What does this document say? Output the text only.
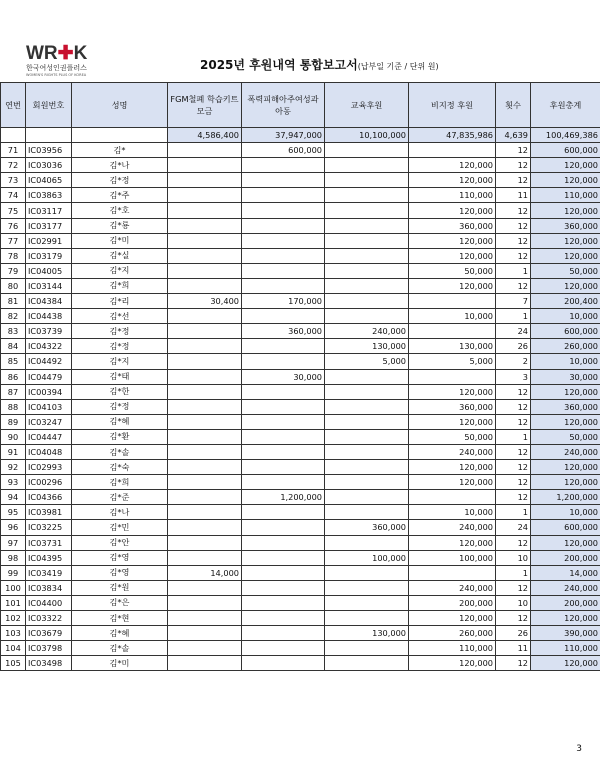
WR✚K
한국여성인권플러스
WOMEN'S RIGHTS PLUS OF KOREA
2025년 후원내역 통합보고서(납부일 기준 / 단위 원)
연번	회원번호	성명	FGM철폐 학습키트 모금	폭력피해아주여성과 아동	교육후원	비지정 후원	횟수	후원총계
			4,586,400	37,947,000	10,100,000	47,835,986	4,639	100,469,386
71	IC03956	김*		600,000			12	600,000
72	IC03036	김*나				120,000	12	120,000
73	IC04065	김*정				120,000	12	120,000
74	IC03863	김*주				110,000	11	110,000
75	IC03117	김*호				120,000	12	120,000
76	IC03177	김*룡				360,000	12	360,000
77	IC02991	김*미				120,000	12	120,000
78	IC03179	김*실				120,000	12	120,000
79	IC04005	김*지				50,000	1	50,000
80	IC03144	김*희				120,000	12	120,000
81	IC04384	김*리	30,400	170,000			7	200,400
82	IC04438	김*선				10,000	1	10,000
83	IC03739	김*정		360,000	240,000		24	600,000
84	IC04322	김*정			130,000	130,000	26	260,000
85	IC04492	김*지			5,000	5,000	2	10,000
86	IC04479	김*태		30,000			3	30,000
87	IC00394	김*한				120,000	12	120,000
88	IC04103	김*정				360,000	12	360,000
89	IC03247	김*혜				120,000	12	120,000
90	IC04447	김*환				50,000	1	50,000
91	IC04048	김*솔				240,000	12	240,000
92	IC02993	김*숙				120,000	12	120,000
93	IC00296	김*희				120,000	12	120,000
94	IC04366	김*준		1,200,000			12	1,200,000
95	IC03981	김*나				10,000	1	10,000
96	IC03225	김*민			360,000	240,000	24	600,000
97	IC03731	김*안				120,000	12	120,000
98	IC04395	김*영			100,000	100,000	10	200,000
99	IC03419	김*영	14,000				1	14,000
100	IC03834	김*원				240,000	12	240,000
101	IC04400	김*은				200,000	10	200,000
102	IC03322	김*현				120,000	12	120,000
103	IC03679	김*혜			130,000	260,000	26	390,000
104	IC03798	김*솔				110,000	11	110,000
105	IC03498	김*미				120,000	12	120,000
3
